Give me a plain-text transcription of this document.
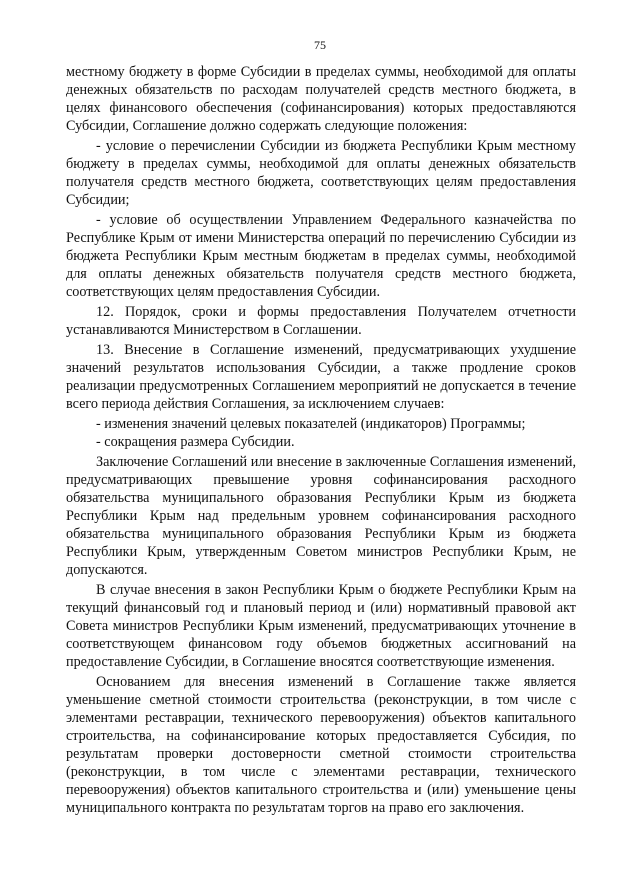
75

местному бюджету в форме Субсидии в пределах суммы, необходимой для оплаты денежных обязательств по расходам получателей средств местного бюджета, в целях финансового обеспечения (софинансирования) которых предоставляются Субсидии, Соглашение должно содержать следующие положения:

- условие о перечислении Субсидии из бюджета Республики Крым местному бюджету в пределах суммы, необходимой для оплаты денежных обязательств получателя средств местного бюджета, соответствующих целям предоставления Субсидии;

- условие об осуществлении Управлением Федерального казначейства по Республике Крым от имени Министерства операций по перечислению Субсидии из бюджета Республики Крым местным бюджетам в пределах суммы, необходимой для оплаты денежных обязательств получателя средств местного бюджета, соответствующих целям предоставления Субсидии.

12. Порядок, сроки и формы предоставления Получателем отчетности устанавливаются Министерством в Соглашении.

13. Внесение в Соглашение изменений, предусматривающих ухудшение значений результатов использования Субсидии, а также продление сроков реализации предусмотренных Соглашением мероприятий не допускается в течение всего периода действия Соглашения, за исключением случаев:

- изменения значений целевых показателей (индикаторов) Программы;

- сокращения размера Субсидии.

Заключение Соглашений или внесение в заключенные Соглашения изменений, предусматривающих превышение уровня софинансирования расходного обязательства муниципального образования Республики Крым из бюджета Республики Крым над предельным уровнем софинансирования расходного обязательства муниципального образования Республики Крым из бюджета Республики Крым, утвержденным Советом министров Республики Крым, не допускаются.

В случае внесения в закон Республики Крым о бюджете Республики Крым на текущий финансовый год и плановый период и (или) нормативный правовой акт Совета министров Республики Крым изменений, предусматривающих уточнение в соответствующем финансовом году объемов бюджетных ассигнований на предоставление Субсидии, в Соглашение вносятся соответствующие изменения.

Основанием для внесения изменений в Соглашение также является уменьшение сметной стоимости строительства (реконструкции, в том числе с элементами реставрации, технического перевооружения) объектов капитального строительства, на софинансирование которых предоставляется Субсидия, по результатам проверки достоверности сметной стоимости строительства (реконструкции, в том числе с элементами реставрации, технического перевооружения) объектов капитального строительства и (или) уменьшение цены муниципального контракта по результатам торгов на право его заключения.
